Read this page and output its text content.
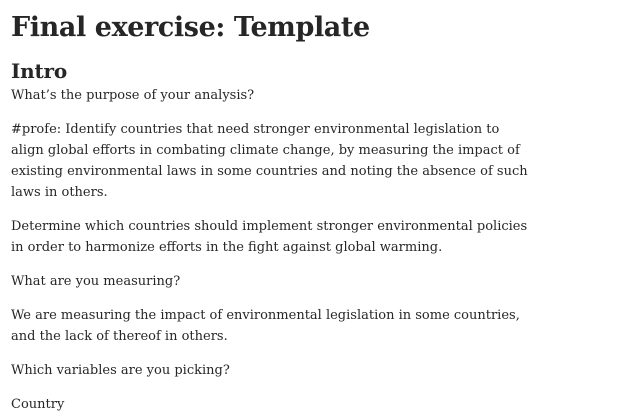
Final exercise: Template
Intro

What’s the purpose of your analysis?

#profe: Identify countries that need stronger environmental legislation to align global efforts in combating climate change, by measuring the impact of existing environmental laws in some countries and noting the absence of such laws in others.

Determine which countries should implement stronger environmental policies in order to harmonize efforts in the fight against global warming.

What are you measuring?

We are measuring the impact of environmental legislation in some countries, and the lack of thereof in others.

Which variables are you picking?

Country
